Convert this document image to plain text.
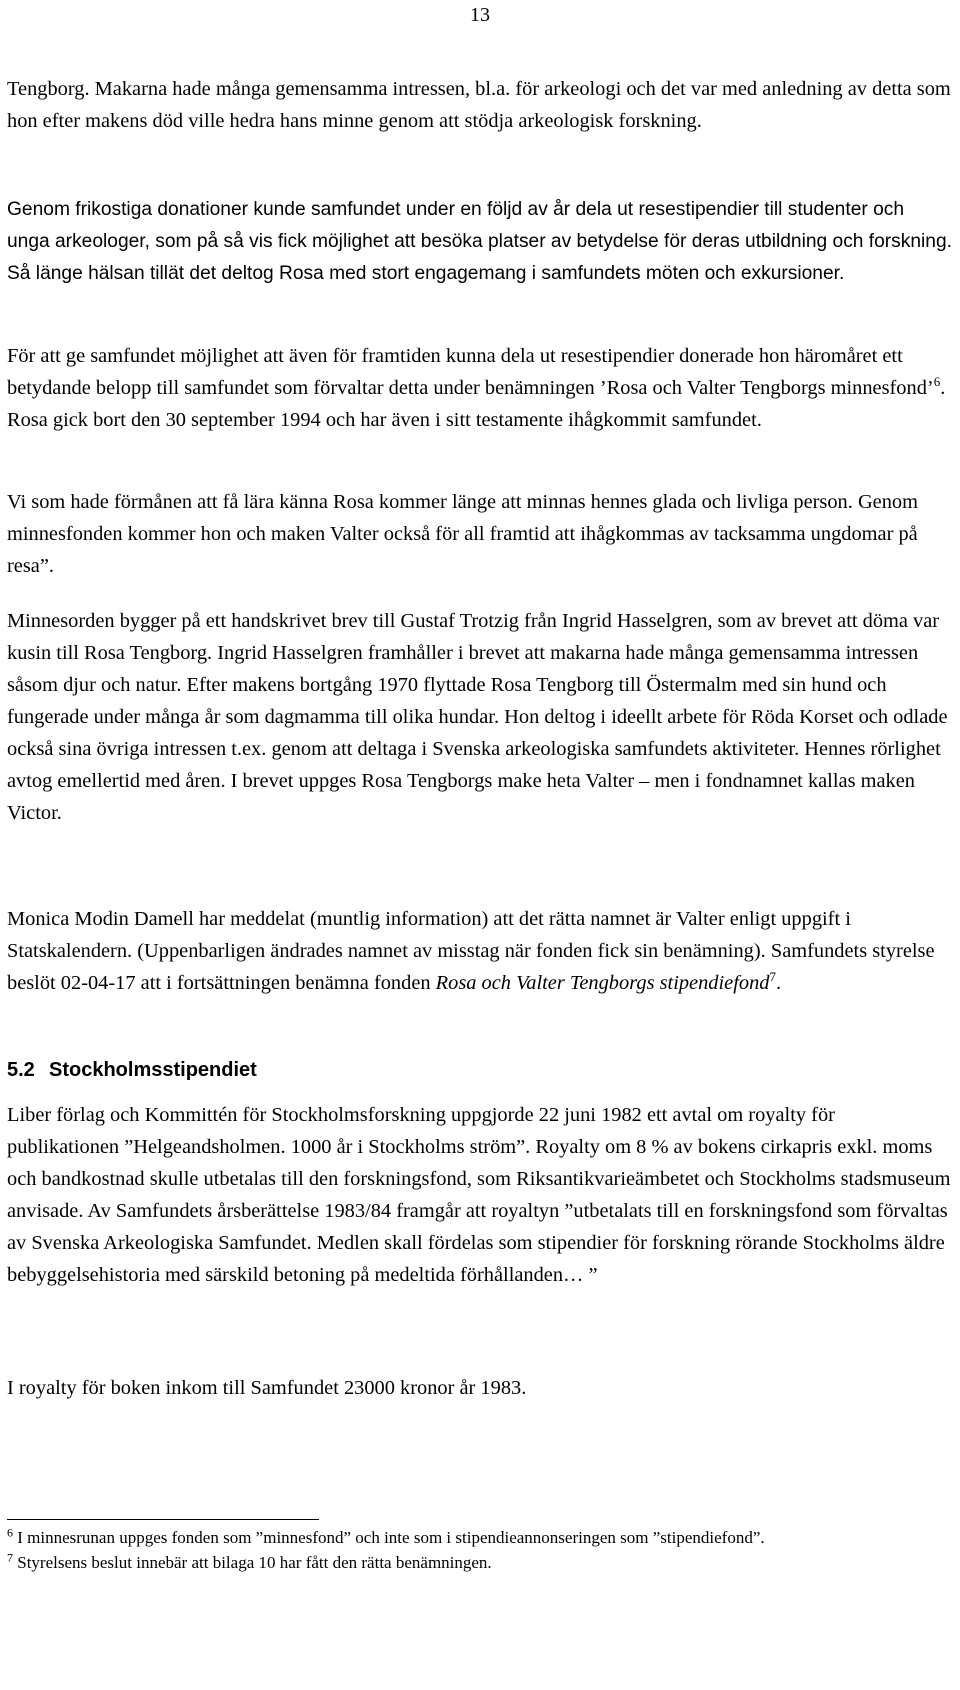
13

Tengborg. Makarna hade många gemensamma intressen, bl.a. för arkeologi och det var med anledning av detta som hon efter makens död ville hedra hans minne genom att stödja arkeologisk forskning.

Genom frikostiga donationer kunde samfundet under en följd av år dela ut resestipendier till studenter och unga arkeologer, som på så vis fick möjlighet att besöka platser av betydelse för deras utbildning och forskning. Så länge hälsan tillät det deltog Rosa med stort engagemang i samfundets möten och exkursioner.

För att ge samfundet möjlighet att även för framtiden kunna dela ut resestipendier donerade hon häromåret ett betydande belopp till samfundet som förvaltar detta under benämningen ’Rosa och Valter Tengborgs minnesfond’$^6$. Rosa gick bort den 30 september 1994 och har även i sitt testamente ihågkommit samfundet.

Vi som hade förmånen att få lära känna Rosa kommer länge att minnas hennes glada och livliga person. Genom minnesfonden kommer hon och maken Valter också för all framtid att ihågkommas av tacksamma ungdomar på resa”.

Minnesorden bygger på ett handskrivet brev till Gustaf Trotzig från Ingrid Hasselgren, som av brevet att döma var kusin till Rosa Tengborg. Ingrid Hasselgren framhåller i brevet att makarna hade många gemensamma intressen såsom djur och natur. Efter makens bortgång 1970 flyttade Rosa Tengborg till Östermalm med sin hund och fungerade under många år som dagmamma till olika hundar. Hon deltog i ideellt arbete för Röda Korset och odlade också sina övriga intressen t.ex. genom att deltaga i Svenska arkeologiska samfundets aktiviteter. Hennes rörlighet avtog emellertid med åren. I brevet uppges Rosa Tengborgs make heta Valter – men i fondnamnet kallas maken Victor.

Monica Modin Damell har meddelat (muntlig information) att det rätta namnet är Valter enligt uppgift i Statskalendern. (Uppenbarligen ändrades namnet av misstag när fonden fick sin benämning). Samfundets styrelse beslöt 02-04-17 att i fortsättningen benämna fonden Rosa och Valter Tengborgs stipendiefond$^7$.

5.2 Stockholmsstipendiet

Liber förlag och Kommittén för Stockholmsforskning uppgjorde 22 juni 1982 ett avtal om royalty för publikationen ”Helgeandsholmen. 1000 år i Stockholms ström”. Royalty om 8 % av bokens cirkapris exkl. moms och bandkostnad skulle utbetalas till den forskningsfond, som Riksantikvarieämbetet och Stockholms stadsmuseum anvisade. Av Samfundets årsberättelse 1983/84 framgår att royaltyn ”utbetalats till en forskningsfond som förvaltas av Svenska Arkeologiska Samfundet. Medlen skall fördelas som stipendier för forskning rörande Stockholms äldre bebyggelsehistoria med särskild betoning på medeltida förhållanden… ”

I royalty för boken inkom till Samfundet 23000 kronor år 1983.

$^6$ I minnesrunan uppges fonden som ”minnesfond” och inte som i stipendieannonseringen som ”stipendiefond”.

$^7$ Styrelsens beslut innebär att bilaga 10 har fått den rätta benämningen.
